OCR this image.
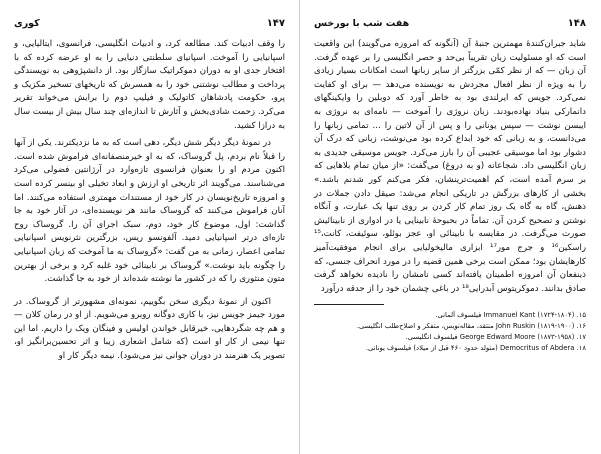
۱۴۷
کوری

را وقف ادبیات کند. مطالعه کرد، و ادبیات انگلیسی، فرانسوی، ایتالیایی، و اسپانیایی را آموخت. اسپانیای سلطنتی دنیایی را به او عرضه کرده که با افتخار جدی او به دوران دموکراتیک سازگار بود. از دانشپژوهی به نویسندگی پرداخت و مطالب نوشتنی خود را به همسرش که تاریخهای تسخیر مکزیک و پرو، حکومت پادشاهان کاتولیک و فیلیپ دوم را برایش می‌خواند تقریر می‌کرد. زحمت شادی‌بخش و آثارش تا اندازه‌ای چند سال بیش از بیست سال به درازا کشید.

در نمونهٔ دیگر دیگر شش دیگر، دهی است که به ما نزدیکترند. یکی از آنها را قبلاً نام بردم، پل گروساک، که به او خیرمنصفانه‌ای فراموش شده است. اکنون مردم او را بعنوان فرانسوی تازه‌وارد در آرژانتین فضولی می‌کرد می‌شناسند. می‌گویند اثر تاریخی او ارزش و ابعاد تخیلی او بینسر کرده است و امروزه تاریخ‌نویسان در کار خود از مستندات مهمتری استفاده می‌کنند. اما آنان فراموش می‌کنند که گروساک مانند هر نویسنده‌ای، در آثار خود به جا گذاشت: اول، موضوع کار خود، دوم، سبک اجرای آن را. گروساک روح تازه‌ای درتر اسپانیایی دمید. آلفونسو ریس، بزرگترین نثرنویس اسپانیایی تمامی اعصار، زمانی به من گفت: «گروساک به ما آموخت که زبان اسپانیایی را چگونه باید نوشت.» گروساک بر نابینائی خود غلبه کرد و برخی از بهترین متون منثوری را که در کشور ما نوشته شده‌اند از خود به جا گذاشت.

اکنون از نمونهٔ دیگری سخن بگوییم، نمونه‌ای مشهورتر از گروساک. در مورد جیمز جویس نیز، با کاری دوگانه روبرو می‌شویم. از او در رمان کلان — و هم چه شگردهایی، خیرقابل خواندن اولیس و فینگان ویک را داریم. اما این تنها نیمی از کار او است (که شامل اشعاری زیبا و اثر تحسین‌برانگیز او، تصویر یک هنرمند در دوران جوانی نیز می‌شود). نیمه دیگر کار او

۱۴۸
هفت شب با بورخس

شاید جبران‌کنندهٔ مهمترین جنبهٔ آن (آنگونه که امروزه می‌گویند) این واقعیت است که او مسئولیت زبان تقریباً بی‌حد و حصر انگلیسی را بر عهده گرفت. آن زبان — که از نظر کمّی بزرگتر از سایر زبانها است امکانات بسیار زیادی را به ویژه از نظر افعال مجردش به نویسنده می‌دهد — برای او کفایت نمی‌کرد. جویس که ایرلندی بود به خاطر آورد که دوبلین را وایکینگهای دانمارکی بنیاد نهاده‌بودند. زبان نروژی را آموخت — نامه‌ای به نروژی به ایبسن نوشت — سپس یونانی را و پس از آن لاتین را ... تمامی زبانها را می‌دانست، و به زبانی که خود ابداع کرده بود می‌نوشت، زبانی که درک آن دشوار بود اما موسیقی عجیبی آن را بارز می‌کرد. جویس موسیقی جدیدی به زبان انگلیسی داد. شجاعانه (و به دروغ) می‌گفت: «از میان تمام بلاهایی که بر سرم آمده است، کم اهمیت‌ترینشان، فکر می‌کنم کور شدنم باشد.» بخشی از کارهای بزرگش در تاریکی انجام می‌شد: صیقل دادن جملات در ذهنش، گاه به گاه یک روز تمام کار کردن بر روی تنها یک عبارت، و آنگاه نوشتن و تصحیح کردن آن. تماماً در بحبوحهٔ نابینایی یا در ادواری از نابینائیش صورت می‌گرفت. در مقایسه با نابینائی او، عجز بوئلو، سوئیفت، کانت،¹⁵ راسکین¹⁶ و جرج مور¹⁷ ابزاری مالیخولیایی برای انجام موفقیت‌آمیز کارهایشان بود؛ ممکن است برخی همین قضیه را در مورد انحراف جنسی، که ذینفعان آن امروزه اطمینان یافته‌اند کسی نامشان را نادیده نخواهد گرفت صادق بدانند. دموکریتوس آبدرایی¹⁸ در باغی چشمان خود را از حدقه درآورد

۱۵. Immanuel Kant (۱۷۲۴-۱۸۰۴) فیلسوف آلمانی.
۱۶. John Ruskin (۱۸۱۹-۱۹۰۰) منتقد، مقاله‌نویس، متفکر و اصلاح‌طلب انگلیسی.
۱۷. George Edward Moore (۱۸۷۳-۱۹۵۸) فیلسوف انگلیسی.
۱۸. Democritus of Abdera (متولد حدود ۴۶۰ قبل از میلاد) فیلسوف یونانی.
